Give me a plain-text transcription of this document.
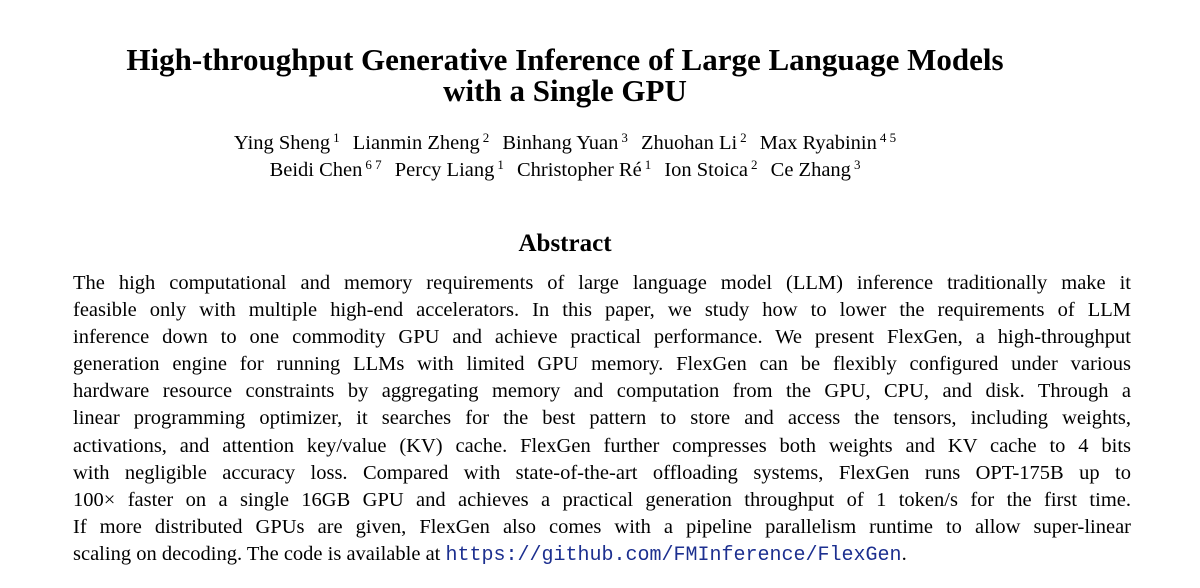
High-throughput Generative Inference of Large Language Models
with a Single GPU
Ying Sheng $^1$ Lianmin Zheng $^2$ Binhang Yuan $^3$ Zhuohan Li $^2$ Max Ryabinin $^{4 5}$
Beidi Chen $^{6 7}$ Percy Liang $^1$ Christopher Ré $^1$ Ion Stoica $^2$ Ce Zhang $^3$
Abstract
The high computational and memory requirements of large language model (LLM) inference traditionally make it
feasible only with multiple high-end accelerators. In this paper, we study how to lower the requirements of LLM
inference down to one commodity GPU and achieve practical performance. We present FlexGen, a high-throughput
generation engine for running LLMs with limited GPU memory. FlexGen can be flexibly configured under various
hardware resource constraints by aggregating memory and computation from the GPU, CPU, and disk. Through a
linear programming optimizer, it searches for the best pattern to store and access the tensors, including weights,
activations, and attention key/value (KV) cache. FlexGen further compresses both weights and KV cache to 4 bits
with negligible accuracy loss. Compared with state-of-the-art offloading systems, FlexGen runs OPT-175B up to
100× faster on a single 16GB GPU and achieves a practical generation throughput of 1 token/s for the first time.
If more distributed GPUs are given, FlexGen also comes with a pipeline parallelism runtime to allow super-linear
scaling on decoding. The code is available at https://github.com/FMInference/FlexGen.
